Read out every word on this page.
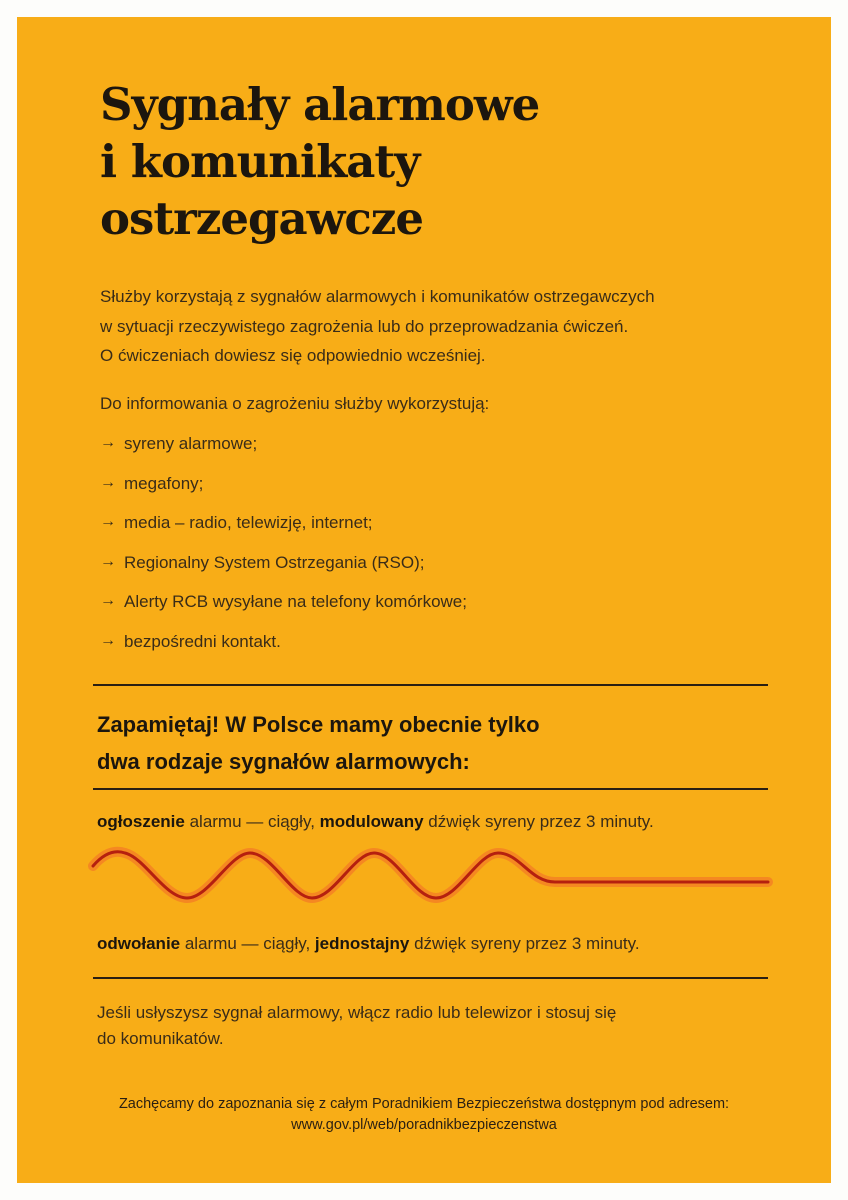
Sygnały alarmowe
i komunikaty
ostrzegawcze
Służby korzystają z sygnałów alarmowych i komunikatów ostrzegawczych
w sytuacji rzeczywistego zagrożenia lub do przeprowadzania ćwiczeń.
O ćwiczeniach dowiesz się odpowiednio wcześniej.
Do informowania o zagrożeniu służby wykorzystują:
→
syreny alarmowe;
→
megafony;
→
media – radio, telewizję, internet;
→
Regionalny System Ostrzegania (RSO);
→
Alerty RCB wysyłane na telefony komórkowe;
→
bezpośredni kontakt.
Zapamiętaj! W Polsce mamy obecnie tylko
dwa rodzaje sygnałów alarmowych:
ogłoszenie alarmu — ciągły, modulowany dźwięk syreny przez 3 minuty.
odwołanie alarmu — ciągły, jednostajny dźwięk syreny przez 3 minuty.
Jeśli usłyszysz sygnał alarmowy, włącz radio lub telewizor i stosuj się
do komunikatów.
Zachęcamy do zapoznania się z całym Poradnikiem Bezpieczeństwa dostępnym pod adresem:
www.gov.pl/web/poradnikbezpieczenstwa
